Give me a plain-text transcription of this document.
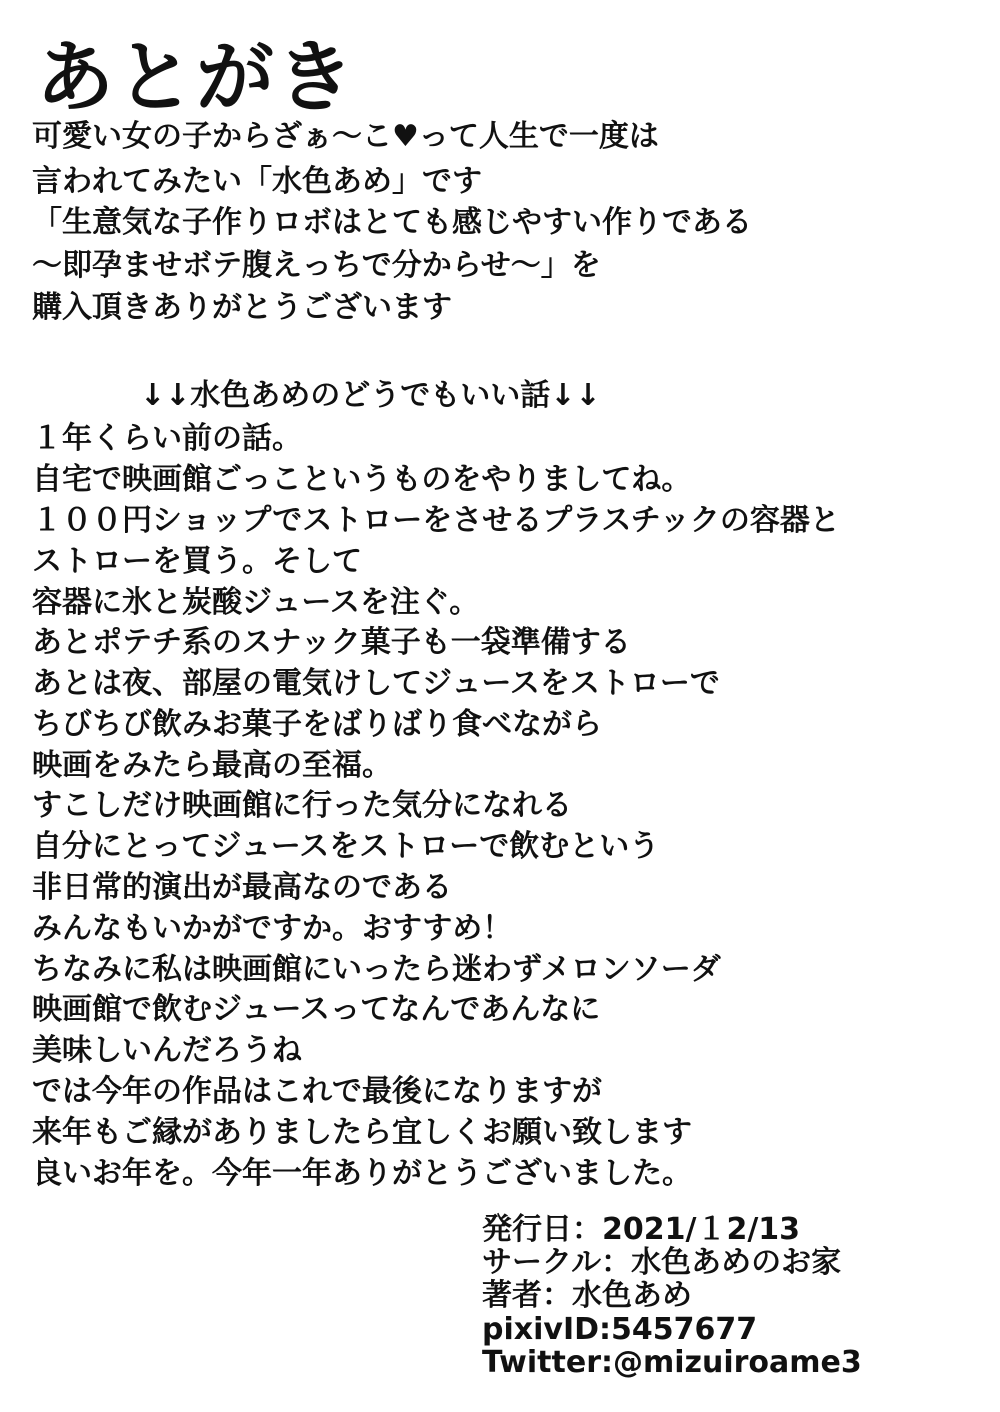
あとがき
可愛い女の子からざぁ〜こ♥って人生で一度は
言われてみたい「水色あめ」です
「生意気な子作りロボはとても感じやすい作りである
〜即孕ませボテ腹えっちで分からせ〜」を
購入頂きありがとうございます
↓↓水色あめのどうでもいい話↓↓
１年くらい前の話。
自宅で映画館ごっこというものをやりましてね。
１００円ショップでストローをさせるプラスチックの容器と
ストローを買う。そして
容器に氷と炭酸ジュースを注ぐ。
あとポテチ系のスナック菓子も一袋準備する
あとは夜、部屋の電気けしてジュースをストローで
ちびちび飲みお菓子をばりばり食べながら
映画をみたら最高の至福。
すこしだけ映画館に行った気分になれる
自分にとってジュースをストローで飲むという
非日常的演出が最高なのである
みんなもいかがですか。おすすめ！
ちなみに私は映画館にいったら迷わずメロンソーダ
映画館で飲むジュースってなんであんなに
美味しいんだろうね
では今年の作品はこれで最後になりますが
来年もご縁がありましたら宜しくお願い致します
良いお年を。今年一年ありがとうございました。
発行日：2021/１2/13
サークル：水色あめのお家
著者：水色あめ
pixivID:5457677
Twitter:@mizuiroame3
